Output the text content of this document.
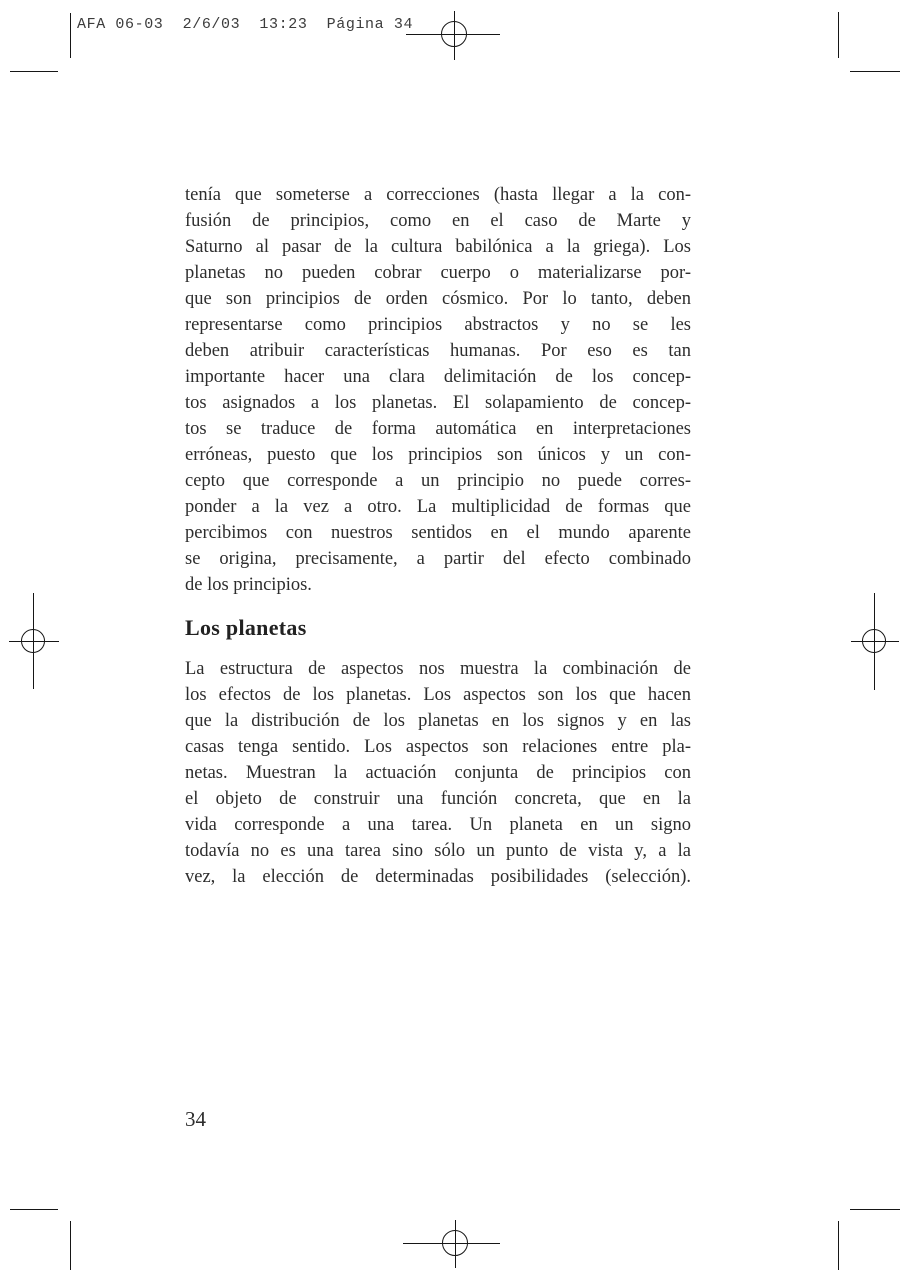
AFA 06-03  2/6/03  13:23  Página 34
tenía que someterse a correcciones (hasta llegar a la con-
fusión de principios, como en el caso de Marte y
Saturno al pasar de la cultura babilónica a la griega). Los
planetas no pueden cobrar cuerpo o materializarse por-
que son principios de orden cósmico. Por lo tanto, deben
representarse como principios abstractos y no se les
deben atribuir características humanas. Por eso es tan
importante hacer una clara delimitación de los concep-
tos asignados a los planetas. El solapamiento de concep-
tos se traduce de forma automática en interpretaciones
erróneas, puesto que los principios son únicos y un con-
cepto que corresponde a un principio no puede corres-
ponder a la vez a otro. La multiplicidad de formas que
percibimos con nuestros sentidos en el mundo aparente
se origina, precisamente, a partir del efecto combinado
de los principios.
Los planetas
La estructura de aspectos nos muestra la combinación de
los efectos de los planetas. Los aspectos son los que hacen
que la distribución de los planetas en los signos y en las
casas tenga sentido. Los aspectos son relaciones entre pla-
netas. Muestran la actuación conjunta de principios con
el objeto de construir una función concreta, que en la
vida corresponde a una tarea. Un planeta en un signo
todavía no es una tarea sino sólo un punto de vista y, a la
vez, la elección de determinadas posibilidades (selección).
34
